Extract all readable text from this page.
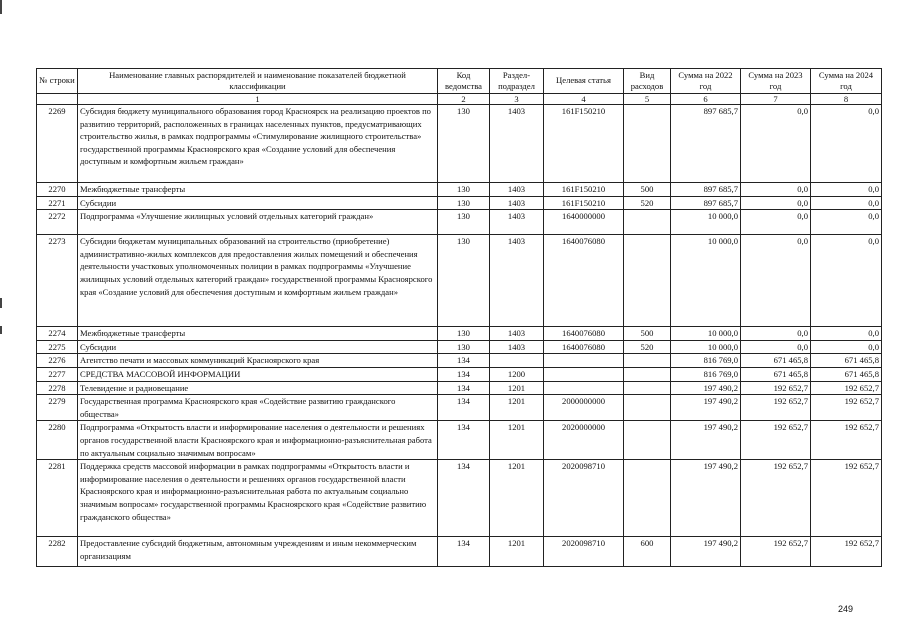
№ строки	Наименование главных распорядителей и наименование показателей бюджетной классификации	Код ведомства	Раздел-подраздел	Целевая статья	Вид расходов	Сумма на 2022 год	Сумма на 2023 год	Сумма на 2024 год
	1	2	3	4	5	6	7	8
2269	Субсидия бюджету муниципального образования город Красноярск на реализацию проектов по развитию территорий, расположенных в границах населенных пунктов, предусматривающих строительство жилья, в рамках подпрограммы «Стимулирование жилищного строительства» государственной программы Красноярского края «Создание условий для обеспечения доступным и комфортным жильем граждан»	130	1403	161F150210		897 685,7	0,0	0,0
2270	Межбюджетные трансферты	130	1403	161F150210	500	897 685,7	0,0	0,0
2271	Субсидии	130	1403	161F150210	520	897 685,7	0,0	0,0
2272	Подпрограмма «Улучшение жилищных условий отдельных категорий граждан»	130	1403	1640000000		10 000,0	0,0	0,0
2273	Субсидии бюджетам муниципальных образований на строительство (приобретение) административно-жилых комплексов для предоставления жилых помещений и обеспечения деятельности участковых уполномоченных полиции в рамках подпрограммы «Улучшение жилищных условий отдельных категорий граждан» государственной программы Красноярского края «Создание условий для обеспечения доступным и комфортным жильем граждан»	130	1403	1640076080		10 000,0	0,0	0,0
2274	Межбюджетные трансферты	130	1403	1640076080	500	10 000,0	0,0	0,0
2275	Субсидии	130	1403	1640076080	520	10 000,0	0,0	0,0
2276	Агентство печати и массовых коммуникаций Красноярского края	134				816 769,0	671 465,8	671 465,8
2277	СРЕДСТВА МАССОВОЙ ИНФОРМАЦИИ	134	1200			816 769,0	671 465,8	671 465,8
2278	Телевидение и радиовещание	134	1201			197 490,2	192 652,7	192 652,7
2279	Государственная программа Красноярского края «Содействие развитию гражданского общества»	134	1201	2000000000		197 490,2	192 652,7	192 652,7
2280	Подпрограмма «Открытость власти и информирование населения о деятельности и решениях органов государственной власти Красноярского края и информационно-разъяснительная работа по актуальным социально значимым вопросам»	134	1201	2020000000		197 490,2	192 652,7	192 652,7
2281	Поддержка средств массовой информации в рамках подпрограммы «Открытость власти и информирование населения о деятельности и решениях органов государственной власти Красноярского края и информационно-разъяснительная работа по актуальным социально значимым вопросам» государственной программы Красноярского края «Содействие развитию гражданского общества»	134	1201	2020098710		197 490,2	192 652,7	192 652,7
2282	Предоставление субсидий бюджетным, автономным учреждениям и иным некоммерческим организациям	134	1201	2020098710	600	197 490,2	192 652,7	192 652,7
249
